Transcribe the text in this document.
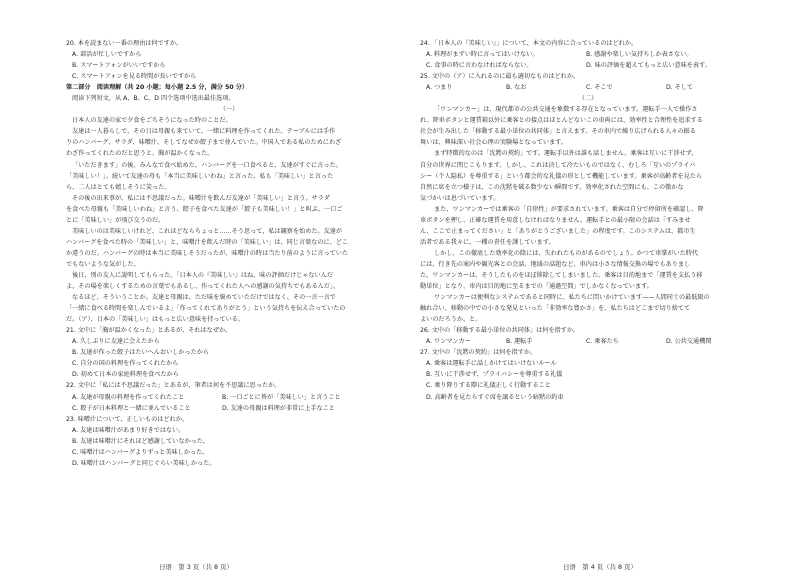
20. 本を読まない一番の理由は何ですか。
A. 部活が忙しいですから
B. スマートフォンがいいですから
C. スマートフォンを見る時間が長いですから
第二部分　阅读理解（共 20 小题；每小题 2.5 分，满分 50 分）
阅读下列短文，从 A、B、C、D 四个选项中选出最佳选项。
（一）
日本人の友達の家で夕食をごちそうになった時のことだ。
友達は一人暮らしで、その日は母親も来ていて、一緒に料理を作ってくれた。テーブルには手作
りのハンバーグ、サラダ、味噌汁、そしてなぜか餃子まで並んでいた。中国人である私のためにわざ
わざ作ってくれたのだと思うと、胸が温かくなった。
「いただきます」の後、みんなで食べ始めた。ハンバーグを一口食べると、友達がすぐに言った。
「美味しい！」。続いて友達の母も「本当に美味しいわね」と言った。私も「美味しい」と言った
ら、二人はとても嬉しそうに笑った。
その後の出来事が、私には不思議だった。味噌汁を飲んだ友達が「美味しい」と言う。サラダ
を食べた母親も「美味しいわね」と言う。餃子を食べた友達が「餃子も美味しい！」と叫ぶ。一口ご
とに「美味しい」が飛び交うのだ。
美味しいのは美味しいけれど、これほどならちょっと……そう思って、私は観察を始めた。友達が
ハンバーグを食べた時の「美味しい」と、味噌汁を飲んだ時の「美味しい」は、同じ言葉なのに、どこ
か違うのだ。ハンバーグの時は本当に美味しそうだったが、味噌汁の時は当たり前のように言っていた
でもないような気がした。
後日、別の友人に説明してもらった。「日本人の『美味しい』はね、味の評価だけじゃないんだ
よ。その場を楽しくするための言葉でもあるし、作ってくれた人への感謝の気持ちでもあるんだ」。
なるほど、そういうことか。友達と母親は、ただ味を褒めていただけではなく、その一言一言で
「一緒に食べる時間を楽しんでいるよ」「作ってくれてありがとう」という気持ちを伝え合っていたの
だ。（ア）、日本の「美味しい」はもっと広い意味を持っている。
21. 文中に「胸が温かくなった」とあるが、それはなぜか。
A. 久しぶりに友達に会えたから
B. 友達が作った餃子はたいへんおいしかったから
C. 自分の国の料理を作ってくれたから
D. 初めて日本の家庭料理を食べたから
22. 文中に「私には不思議だった」とあるが、筆者は何を不思議に思ったか。
A. 友達が母親の料理を作ってくれたこと	B. 一口ごとに皆が「美味しい」と言うこと
C. 餃子が日本料理と一緒に並んでいること	D. 友達の母親は料理が非常に上手なこと
23. 味噌汁について、正しいものはどれか。
A. 友達は味噌汁があまり好きではない。
B. 友達は味噌汁にそれほど感謝していなかった。
C. 味噌汁はハンバーグよりずっと美味しかった。
D. 味噌汁はハンバーグと同じぐらい美味しかった。
日语　第 3 页（共 8 页）
24. 「日本人の『美味しい』」について、本文の内容に合っているのはどれか。
A. 料理がまずい時に言ってはいけない。	B. 感謝や楽しい気持ちしか表さない。
C. 食事の時に言わなければならない。	D. 味の評価を超えてもっと広い意味を表す。
25. 文中の（ア）に入れるのに最も適切なものはどれか。
A. つまり	B. なお	C. そこで	D. そして
（二）
「ワンマンカー」は、現代都市の公共交通を象徴する存在となっています。運転手一人で操作さ
れ、降車ボタンと運賃箱以外に乗客との接点はほとんどないこの車両には、効率性と合理性を追求する
社会が生み出した「移動する最小単位の共同体」と言えます。その車内で繰り広げられる人々の振る
舞いは、興味深い社会心理の実験場となっています。
まず特徴的なのは「沈黙の契約」です。運転手以外は誰も話しません。乗客は互いに干渉せず、
自分の世界に閉じこもります。しかし、これは決して冷たいものではなく、むしろ「互いのプライバ
シー（个人隐私）を尊重する」という都会的な礼儀の形として機能しています。乗客が高齢者を見たら
自然に席を立つ様子は、この沈黙を破る数少ない瞬間です。効率化された空間にも、この微かな
気づかいは息づいています。
また、ワンマンカーでは乗客の「自律性」が要求されています。乗客は自分で停留所を確認し、降
車ボタンを押し、正確な運賃を用意しなければなりません。運転手との最小限の会話は「すみませ
ん、ここで止まってください」と「ありがとうございました」の程度です。このシステムは、都市生
活者である我々に、一種の責任を課しています。
しかし、この徹底した効率化の陰には、失われたものがあるのでしょう。かつて車掌がいた時代
には、行き先の案内や観光客との会話、地域の話題など、車内は小さな情報交換の場でもありまし
た。ワンマンカーは、そうしたものをほぼ排除してしまいました。乗客は目的地まで「運賃を支払う移
動単位」となり、車内は目的地に至るまでの「通過空間」でしかなくなっています。
ワンマンカーは便利なシステムであると同時に、私たちに問いかけています——人間同士の最低限の
触れ合い、移動の中での小さな発見といった「非効率な豊かさ」を、私たちはどこまで切り捨てて
よいのだろうか、と。
26. 文中の「移動する最小単位の共同体」は何を指すか。
A. ワンマンカー	B. 運転手	C. 乗客たち	D. 公共交通機関
27. 文中の「沈黙の契約」は何を指すか。
A. 乗客は運転手に話しかけてはいけないルール
B. 互いに干渉せず、プライバシーを尊重する礼儀
C. 乗り降りする際に礼儀正しく行動すること
D. 高齢者を見たらすぐ席を譲るという暗黙の約束
日语　第 4 页（共 8 页）
